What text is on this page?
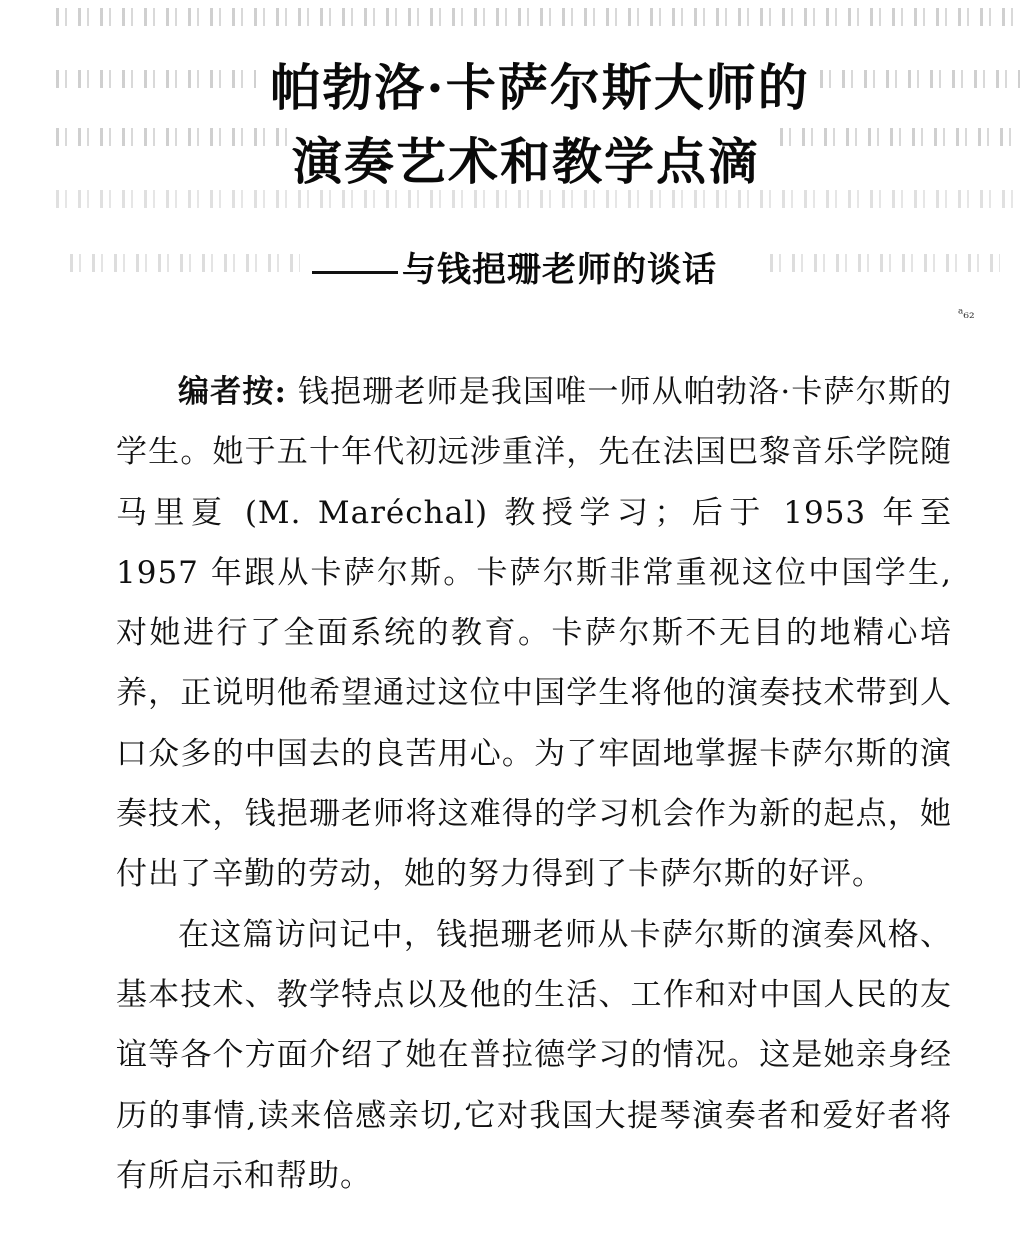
帕勃洛·卡萨尔斯大师的
演奏艺术和教学点滴
与钱挹珊老师的谈话
ᵃ₆₂

编者按: 钱挹珊老师是我国唯一师从帕勃洛·卡萨尔斯的学生。她于五十年代初远涉重洋，先在法国巴黎音乐学院随马里夏 (M. Maréchal) 教授学习；后于 1953 年至 1957 年跟从卡萨尔斯。卡萨尔斯非常重视这位中国学生,对她进行了全面系统的教育。卡萨尔斯不无目的地精心培养，正说明他希望通过这位中国学生将他的演奏技术带到人口众多的中国去的良苦用心。为了牢固地掌握卡萨尔斯的演奏技术，钱挹珊老师将这难得的学习机会作为新的起点，她付出了辛勤的劳动，她的努力得到了卡萨尔斯的好评。

在这篇访问记中，钱挹珊老师从卡萨尔斯的演奏风格、基本技术、教学特点以及他的生活、工作和对中国人民的友谊等各个方面介绍了她在普拉德学习的情况。这是她亲身经历的事情,读来倍感亲切,它对我国大提琴演奏者和爱好者将有所启示和帮助。
